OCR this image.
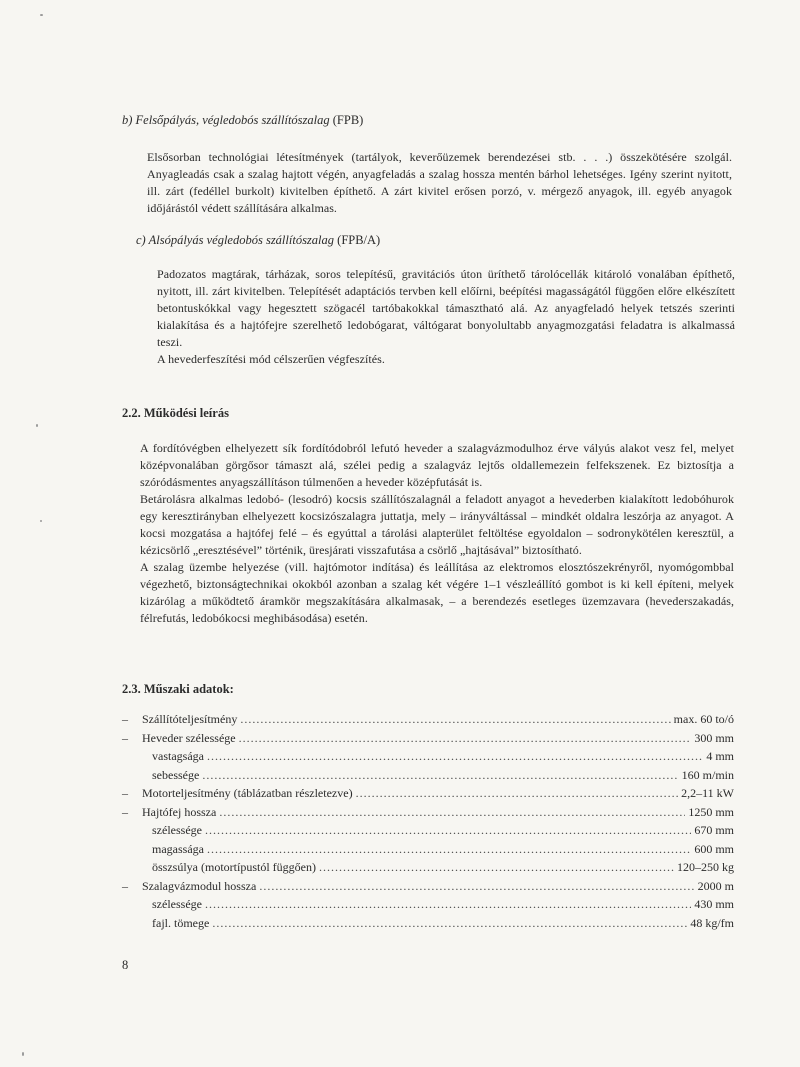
b) Felsőpályás, végledobós szállítószalag (FPB)

Elsősorban technológiai létesítmények (tartályok, keverőüzemek berendezései stb. . . .) összekötésére szolgál. Anyagleadás csak a szalag hajtott végén, anyagfeladás a szalag hossza mentén bárhol lehetséges. Igény szerint nyitott, ill. zárt (fedéllel burkolt) kivitelben építhető. A zárt kivitel erősen porzó, v. mérgező anyagok, ill. egyéb anyagok időjárástól védett szállítására alkalmas.

c) Alsópályás végledobós szállítószalag (FPB/A)

Padozatos magtárak, tárházak, soros telepítésű, gravitációs úton üríthető tárolócellák kitároló vonalában építhető, nyitott, ill. zárt kivitelben. Telepítését adaptációs tervben kell előírni, beépítési magasságától függően előre elkészített betontuskókkal vagy hegesztett szögacél tartóbakokkal támasztható alá. Az anyagfeladó helyek tetszés szerinti kialakítása és a hajtófejre szerelhető ledobógarat, váltógarat bonyolultabb anyagmozgatási feladatra is alkalmassá teszi.

A hevederfeszítési mód célszerűen végfeszítés.

2.2. Működési leírás

A fordítóvégben elhelyezett sík fordítódobról lefutó heveder a szalagvázmodulhoz érve vályús alakot vesz fel, melyet középvonalában görgősor támaszt alá, szélei pedig a szalagváz lejtős oldallemezein felfekszenek. Ez biztosítja a szóródásmentes anyagszállításon túlmenően a heveder középfutását is.

Betárolásra alkalmas ledobó- (lesodró) kocsis szállítószalagnál a feladott anyagot a hevederben kialakított ledobóhurok egy keresztirányban elhelyezett kocsizószalagra juttatja, mely – irányváltással – mindkét oldalra leszórja az anyagot. A kocsi mozgatása a hajtófej felé – és egyúttal a tárolási alapterület feltöltése egyoldalon – sodronykötélen keresztül, a kézicsörlő „eresztésével” történik, üresjárati visszafutása a csörlő „hajtásával” biztosítható.

A szalag üzembe helyezése (vill. hajtómotor indítása) és leállítása az elektromos elosztószekrényről, nyomógombbal végezhető, biztonságtechnikai okokból azonban a szalag két végére 1–1 vészleállító gombot is ki kell építeni, melyek kizárólag a működtető áramkör megszakítására alkalmasak, – a berendezés esetleges üzemzavara (hevederszakadás, félrefutás, ledobókocsi meghibásodása) esetén.

2.3. Műszaki adatok:
–	Szállítóteljesítmény .....	max. 60 to/ó
–	Heveder szélessége .....	300 mm
vastagsága .....	4 mm
sebessége .....	160 m/min
–	Motorteljesítmény (táblázatban részletezve) .....	2,2–11 kW
–	Hajtófej hossza .....	1250 mm
szélessége .....	670 mm
magassága .....	600 mm
összsúlya (motortípustól függően) .....	120–250 kg
–	Szalagvázmodul hossza .....	2000 m
szélessége .....	430 mm
fajl. tömege .....	48 kg/fm
8
